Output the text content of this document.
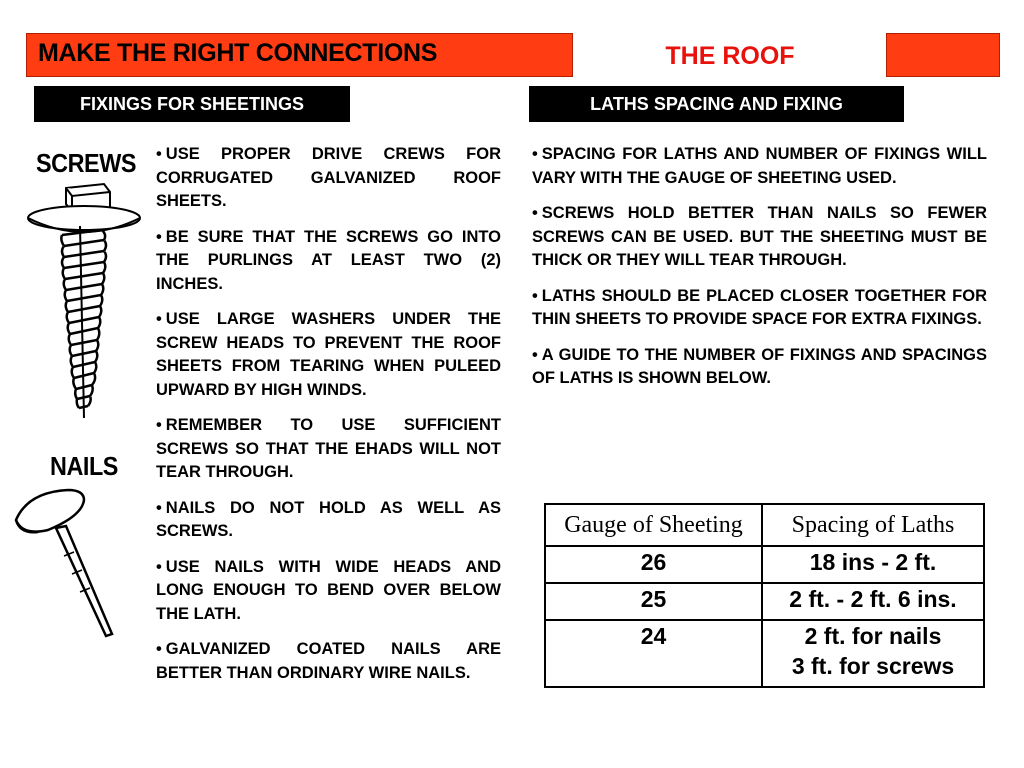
MAKE THE RIGHT CONNECTIONS	THE ROOF
FIXINGS FOR SHEETINGS	LATHS SPACING AND FIXING
SCREWS
NAILS

• USE PROPER DRIVE CREWS FOR CORRUGATED GALVANIZED ROOF SHEETS.

• BE SURE THAT THE SCREWS GO INTO THE PURLINGS AT LEAST TWO (2) INCHES.

• USE LARGE WASHERS UNDER THE SCREW HEADS TO PREVENT THE ROOF SHEETS FROM TEARING WHEN PULEED UPWARD BY HIGH WINDS.

• REMEMBER TO USE SUFFICIENT SCREWS SO THAT THE EHADS WILL NOT TEAR THROUGH.

• NAILS DO NOT HOLD AS WELL AS SCREWS.

• USE NAILS WITH WIDE HEADS AND LONG ENOUGH TO BEND OVER BELOW THE LATH.

• GALVANIZED COATED NAILS ARE BETTER THAN ORDINARY WIRE NAILS.

• SPACING FOR LATHS AND NUMBER OF FIXINGS WILL VARY WITH THE GAUGE OF SHEETING USED.

• SCREWS HOLD BETTER THAN NAILS SO FEWER SCREWS CAN BE USED. BUT THE SHEETING MUST BE THICK OR THEY WILL TEAR THROUGH.

• LATHS SHOULD BE PLACED CLOSER TOGETHER FOR THIN SHEETS TO PROVIDE SPACE FOR EXTRA FIXINGS.

• A GUIDE TO THE NUMBER OF FIXINGS AND SPACINGS OF LATHS IS SHOWN BELOW.

Gauge of Sheeting	Spacing of Laths
26	18 ins - 2 ft.
25	2 ft. - 2 ft. 6 ins.
24	2 ft. for nails
3 ft. for screws
